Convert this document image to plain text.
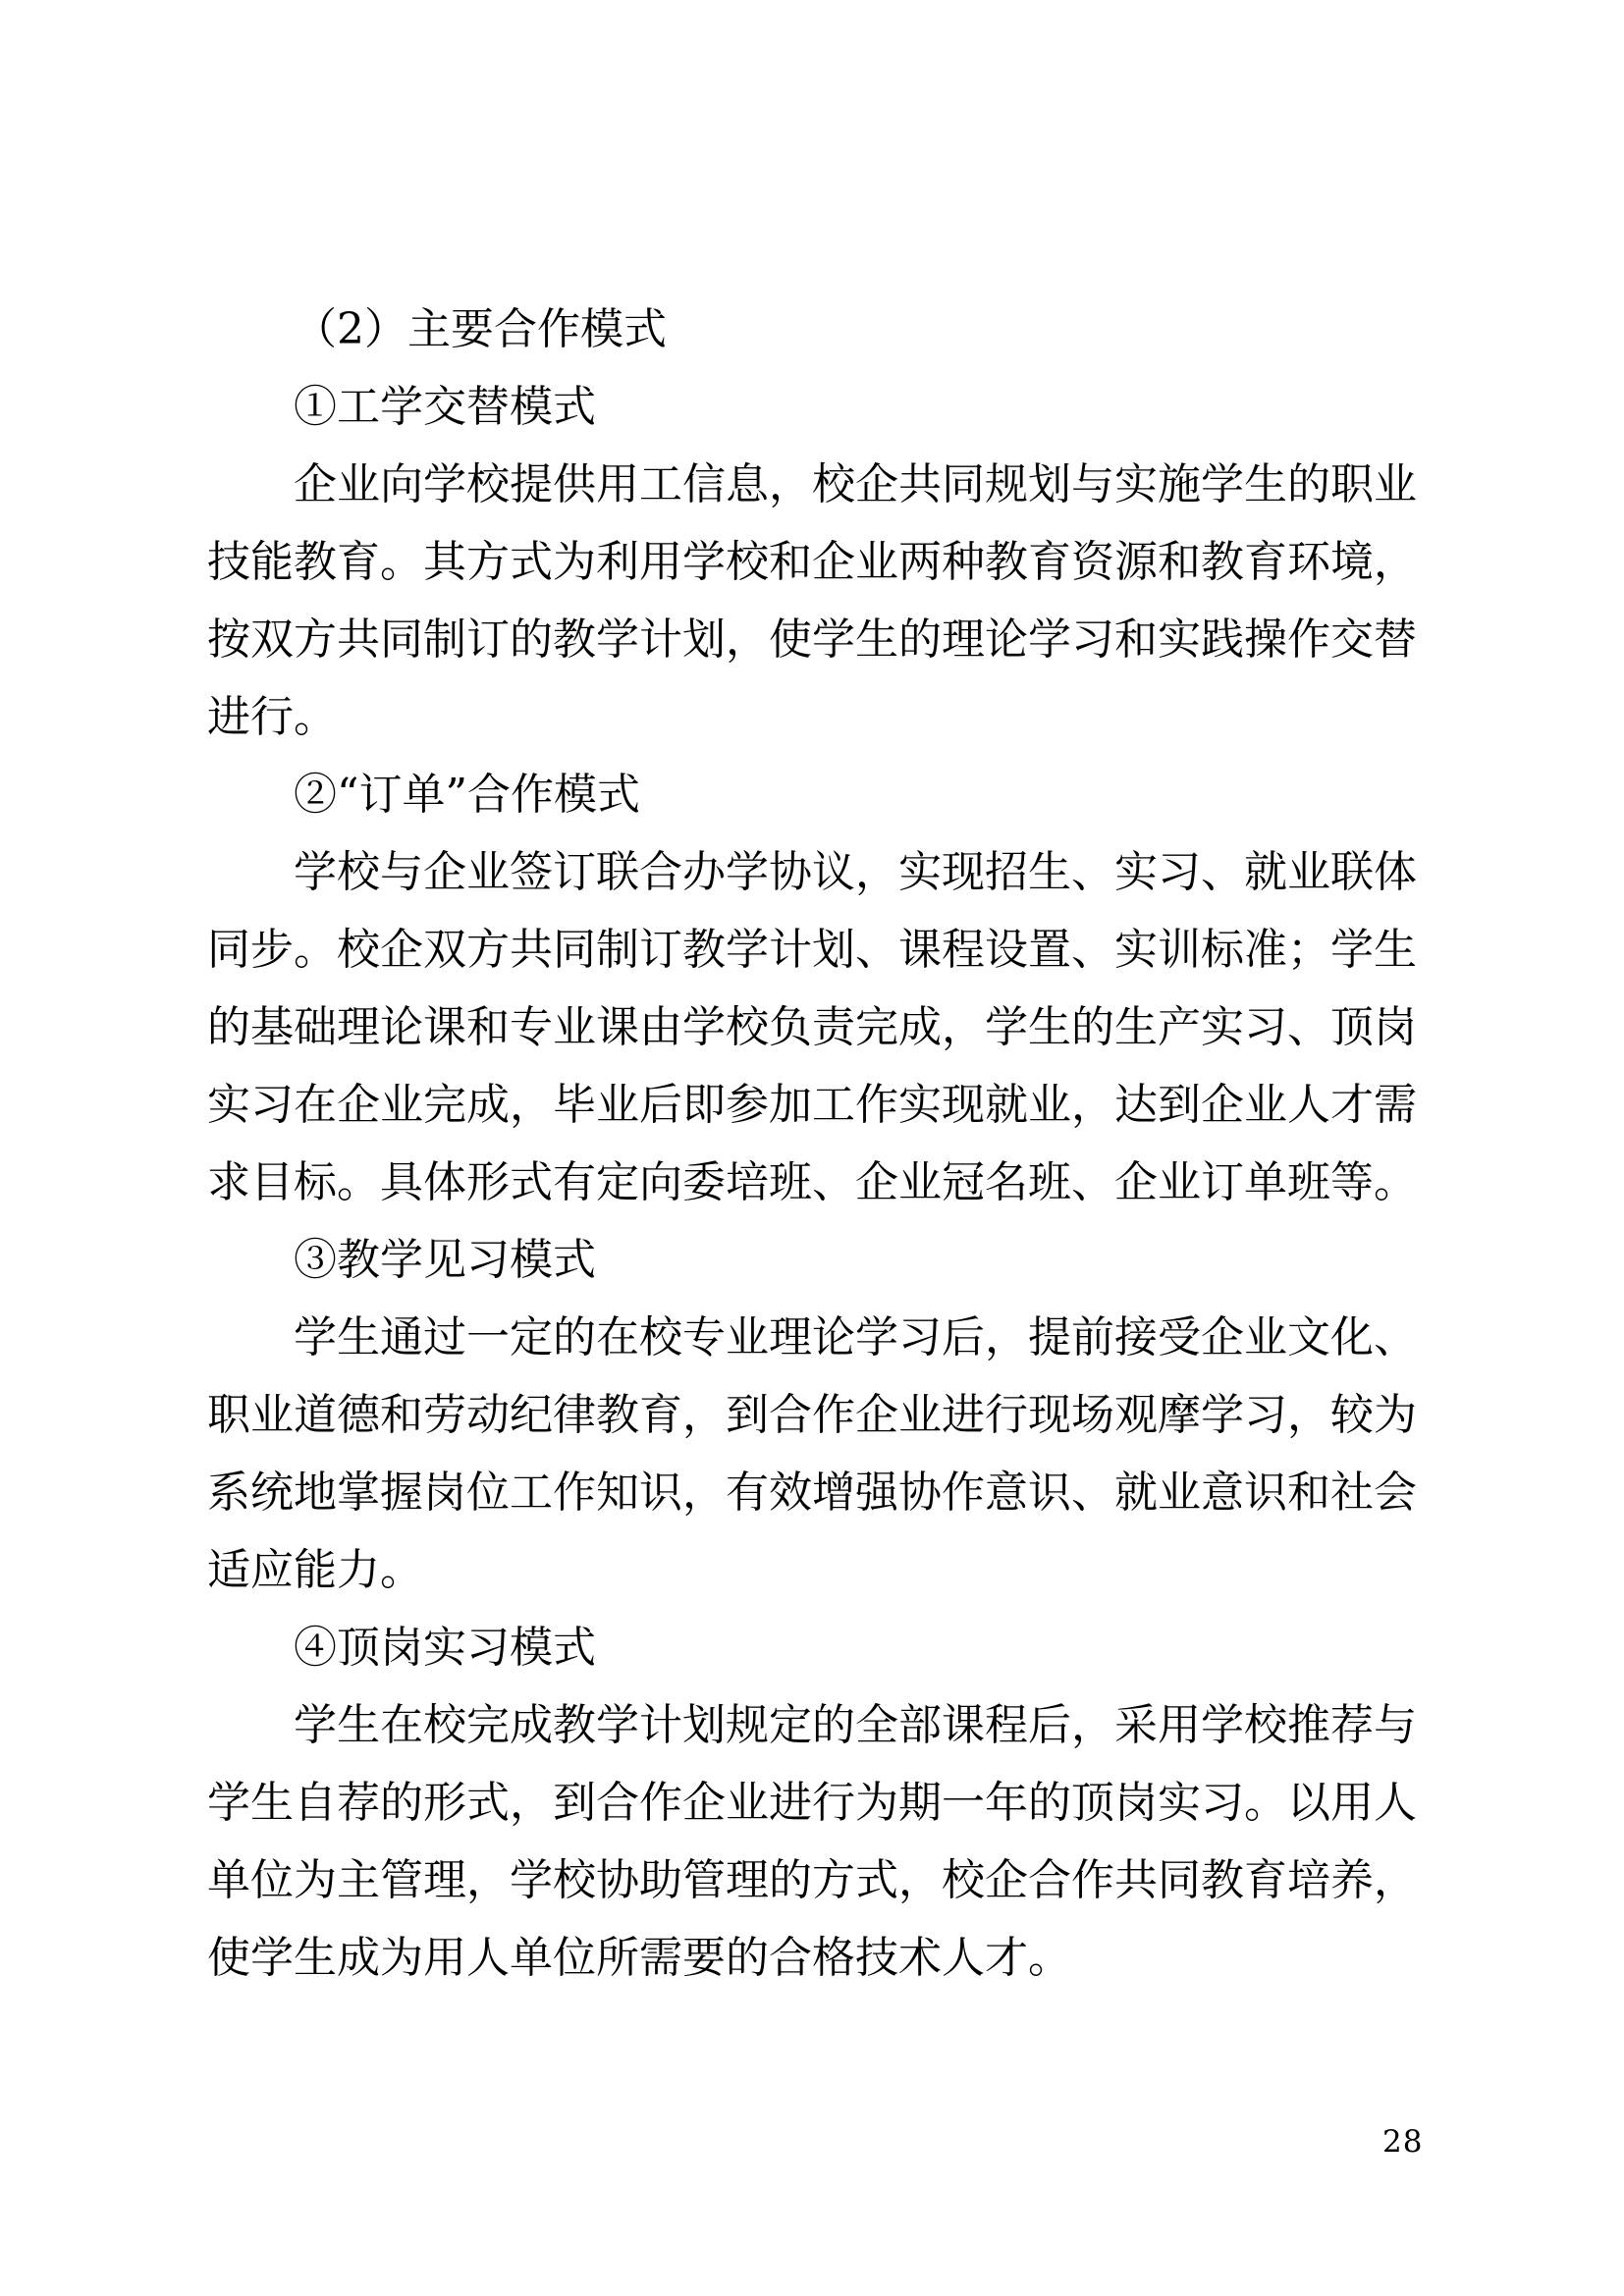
（2）主要合作模式
①工学交替模式
企业向学校提供用工信息，校企共同规划与实施学生的职业
技能教育。其方式为利用学校和企业两种教育资源和教育环境，
按双方共同制订的教学计划，使学生的理论学习和实践操作交替
进行。
②“订单”合作模式
学校与企业签订联合办学协议，实现招生、实习、就业联体
同步。校企双方共同制订教学计划、课程设置、实训标准；学生
的基础理论课和专业课由学校负责完成，学生的生产实习、顶岗
实习在企业完成，毕业后即参加工作实现就业，达到企业人才需
求目标。具体形式有定向委培班、企业冠名班、企业订单班等。
③教学见习模式
学生通过一定的在校专业理论学习后，提前接受企业文化、
职业道德和劳动纪律教育，到合作企业进行现场观摩学习，较为
系统地掌握岗位工作知识，有效增强协作意识、就业意识和社会
适应能力。
④顶岗实习模式
学生在校完成教学计划规定的全部课程后，采用学校推荐与
学生自荐的形式，到合作企业进行为期一年的顶岗实习。以用人
单位为主管理，学校协助管理的方式，校企合作共同教育培养，
使学生成为用人单位所需要的合格技术人才。
28
